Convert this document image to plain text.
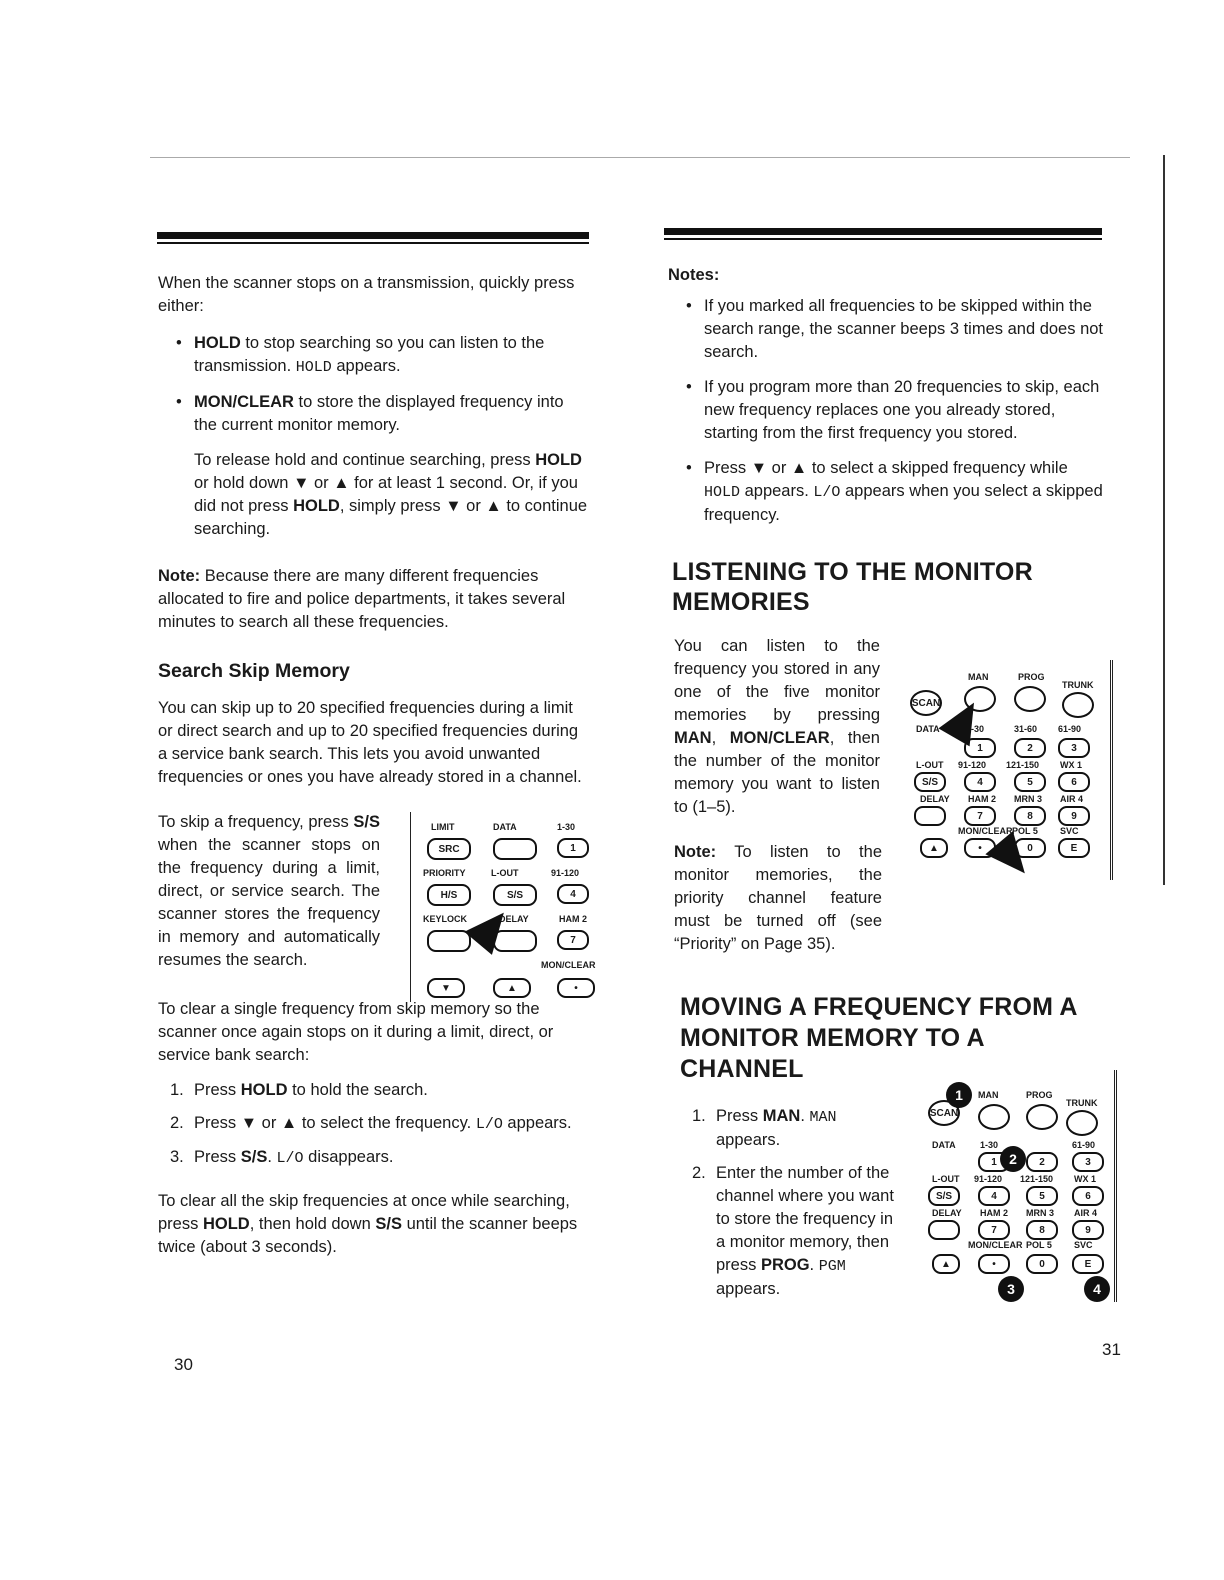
When the scanner stops on a transmission, quickly press either:

• HOLD to stop searching so you can listen to the transmission. HOLD appears.
• MON/CLEAR to store the displayed frequency into the current monitor memory.

To release hold and continue searching, press HOLD or hold down ▼ or ▲ for at least 1 second. Or, if you did not press HOLD, simply press ▼ or ▲ to continue searching.

Note: Because there are many different frequencies allocated to fire and police departments, it takes several minutes to search all these frequencies.

Search Skip Memory

You can skip up to 20 specified frequencies during a limit or direct search and up to 20 specified frequencies during a service bank search. This lets you avoid unwanted frequencies or ones you have already stored in a channel.

To skip a frequency, press S/S when the scanner stops on the frequency during a limit, direct, or service search. The scanner stores the frequency in memory and automatically resumes the search.

To clear a single frequency from skip memory so the scanner once again stops on it during a limit, direct, or service bank search:

1. Press HOLD to hold the search.
2. Press ▼ or ▲ to select the frequency. L/O appears.
3. Press S/S. L/O disappears.

To clear all the skip frequencies at once while searching, press HOLD, then hold down S/S until the scanner beeps twice (about 3 seconds).

LIMIT	DATA	1-30
SRC	1
PRIORITY	L-OUT	91-120
H/S	S/S	4
KEYLOCK	DELAY	HAM 2
7
MON/CLEAR
▼	▲	•
30

Notes:

• If you marked all frequencies to be skipped within the search range, the scanner beeps 3 times and does not search.
• If you program more than 20 frequencies to skip, each new frequency replaces one you already stored, starting from the first frequency you stored.
• Press ▼ or ▲ to select a skipped frequency while HOLD appears. L/O appears when you select a skipped frequency.
LISTENING TO THE MONITOR MEMORIES

You can listen to the frequency you stored in any one of the five monitor memories by pressing MAN, MON/CLEAR, then the number of the monitor memory you want to listen to (1–5).

Note: To listen to the monitor memories, the priority channel feature must be turned off (see “Priority” on Page 35).

MOVING A FREQUENCY FROM A MONITOR MEMORY TO A CHANNEL
1. Press MAN. MAN appears.
2. Enter the number of the channel where you want to store the frequency in a monitor memory, then press PROG. PGM appears.
MAN	PROG
TRUNK
SCAN
DATA	1-30	31-60 61-90
1	2	3
L-OUT 91-120 121-150 WX 1
S/S	4	5	6
DELAY HAM 2 MRN 3 AIR 4
7	8	9
MON/CLEAR POL 5 SVC
▲	•	0	E
MAN	PROG
TRUNK
SCAN
DATA	1-30	61-90
1	2	3
L-OUT 91-120 121-150 WX 1
S/S	4	5	6
DELAY HAM 2 MRN 3 AIR 4
7	8	9
MON/CLEAR POL 5 SVC
▲	•	0	E
1
2
3	4
31
